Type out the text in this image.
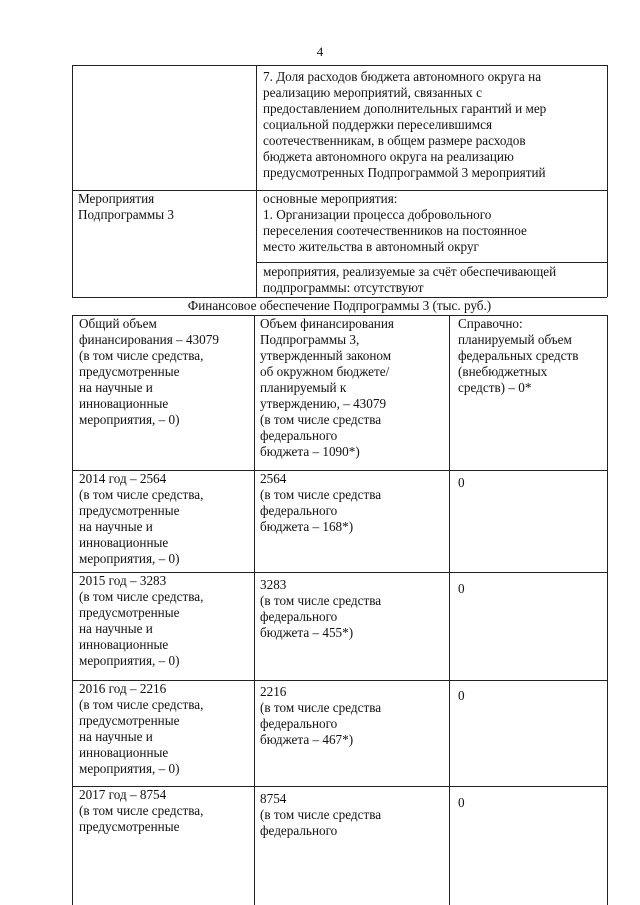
4
7. Доля расходов бюджета автономного округа на
реализацию мероприятий, связанных с
предоставлением дополнительных гарантий и мер
социальной поддержки переселившимся
соотечественникам, в общем размере расходов
бюджета автономного округа на реализацию
предусмотренных Подпрограммой 3 мероприятий
Мероприятия
Подпрограммы 3
основные мероприятия:
1. Организации процесса добровольного
переселения соотечественников на постоянное
место жительства в автономный округ
мероприятия, реализуемые за счёт обеспечивающей
подпрограммы: отсутствуют
Финансовое обеспечение Подпрограммы 3 (тыс. руб.)
Общий объем
финансирования – 43079
(в том числе средства,
предусмотренные
на научные и
инновационные
мероприятия, – 0)
Объем финансирования
Подпрограммы 3,
утвержденный законом
об окружном бюджете/
планируемый к
утверждению, – 43079
(в том числе средства
федерального
бюджета – 1090*)
Справочно:
планируемый объем
федеральных средств
(внебюджетных
средств) – 0*
2014 год – 2564
(в том числе средства,
предусмотренные
на научные и
инновационные
мероприятия, – 0)
2564
(в том числе средства
федерального
бюджета – 168*)
0
2015 год – 3283
(в том числе средства,
предусмотренные
на научные и
инновационные
мероприятия, – 0)
3283
(в том числе средства
федерального
бюджета – 455*)
0
2016 год – 2216
(в том числе средства,
предусмотренные
на научные и
инновационные
мероприятия, – 0)
2216
(в том числе средства
федерального
бюджета – 467*)
0
2017 год – 8754
(в том числе средства,
предусмотренные
8754
(в том числе средства
федерального
0
